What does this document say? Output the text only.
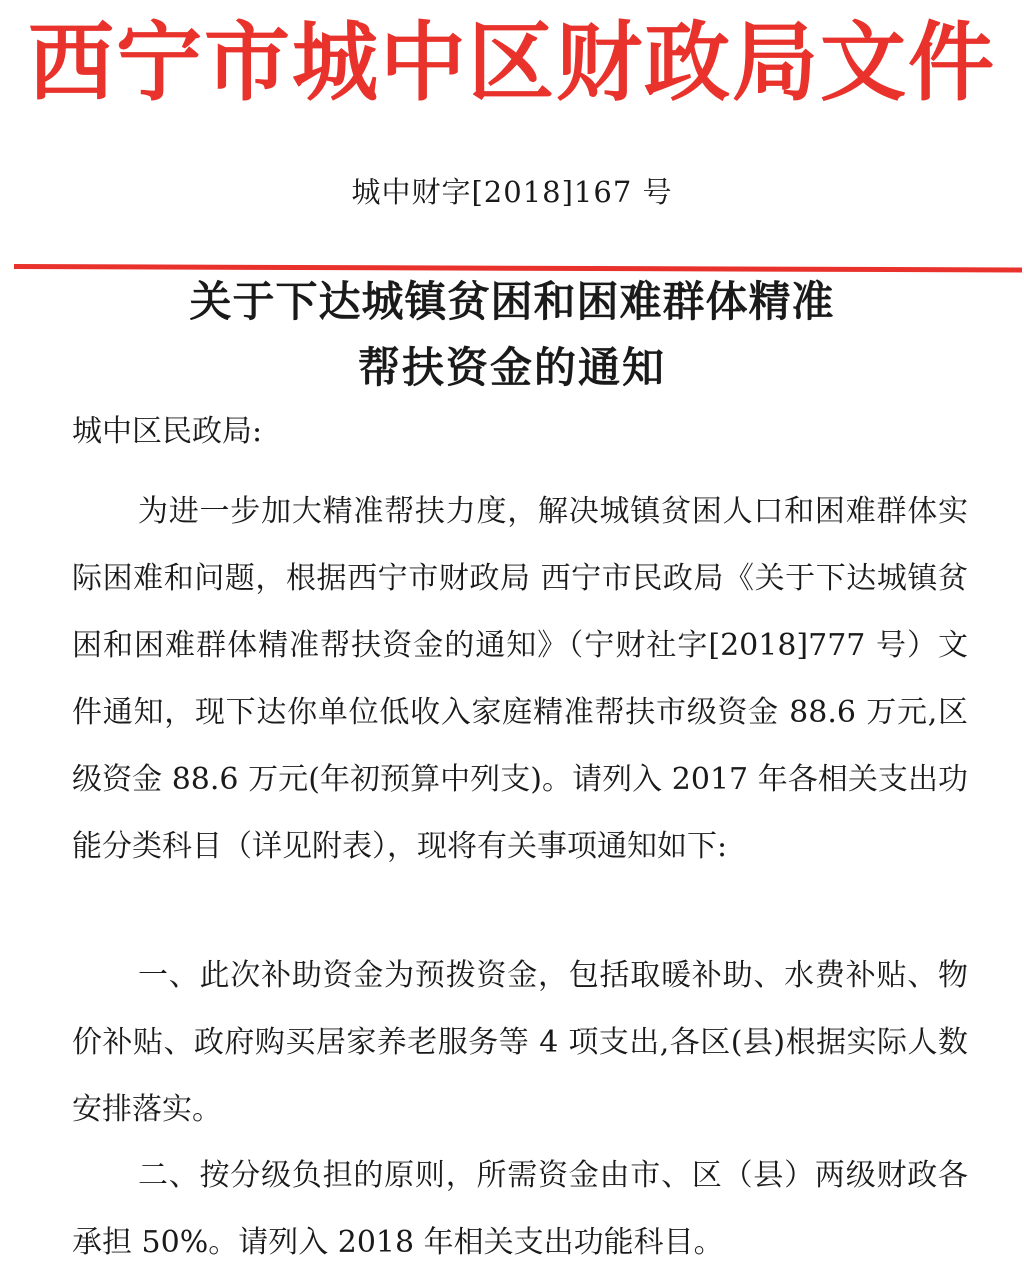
西宁市城中区财政局文件
城中财字[2018]167 号
关于下达城镇贫困和困难群体精准
帮扶资金的通知
城中区民政局:

为进一步加大精准帮扶力度，解决城镇贫困人口和困难群体实际困难和问题，根据西宁市财政局 西宁市民政局《关于下达城镇贫困和困难群体精准帮扶资金的通知》（宁财社字[2018]777 号）文件通知，现下达你单位低收入家庭精准帮扶市级资金 88.6 万元,区级资金 88.6 万元(年初预算中列支)。请列入 2017 年各相关支出功能分类科目（详见附表），现将有关事项通知如下:

一、此次补助资金为预拨资金，包括取暖补助、水费补贴、物价补贴、政府购买居家养老服务等 4 项支出,各区(县)根据实际人数安排落实。

二、按分级负担的原则，所需资金由市、区（县）两级财政各承担 50%。请列入 2018 年相关支出功能科目。
